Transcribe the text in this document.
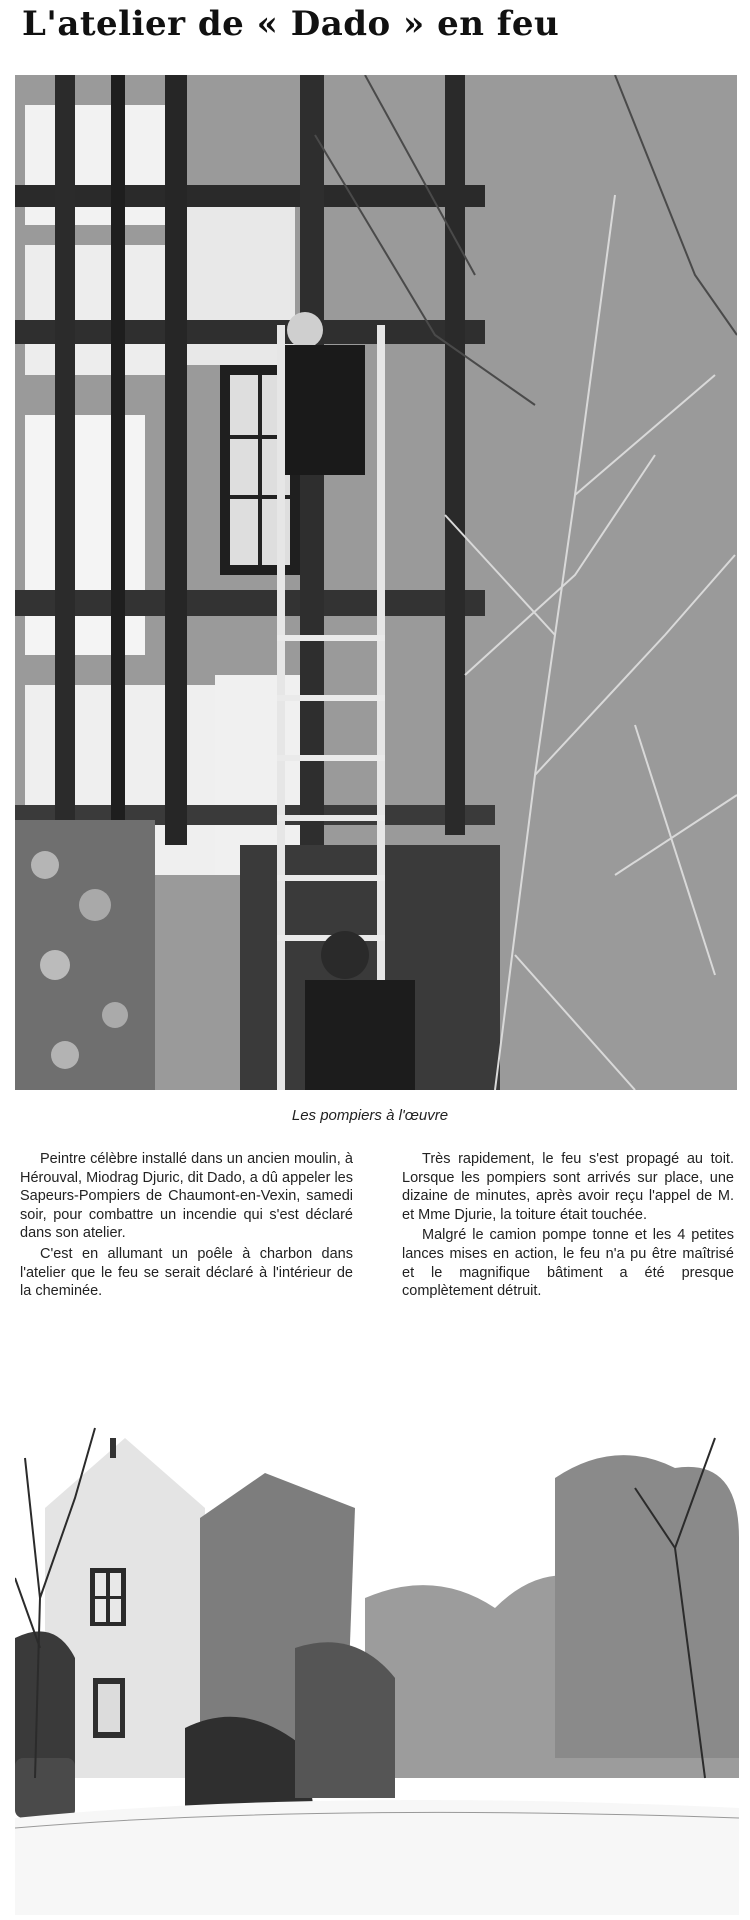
L'atelier de « Dado » en feu
Les pompiers à l'œuvre

Peintre célèbre installé dans un ancien moulin, à Hérouval, Miodrag Djuric, dit Dado, a dû appeler les Sapeurs-Pompiers de Chaumont-en-Vexin, samedi soir, pour combattre un incendie qui s'est déclaré dans son atelier.

C'est en allumant un poêle à charbon dans l'atelier que le feu se serait déclaré à l'intérieur de la cheminée.

Très rapidement, le feu s'est propagé au toit. Lorsque les pompiers sont arrivés sur place, une dizaine de minutes, après avoir reçu l'appel de M. et Mme Djurie, la toiture était touchée.

Malgré le camion pompe tonne et les 4 petites lances mises en action, le feu n'a pu être maîtrisé et le magnifique bâtiment a été presque complètement détruit.
